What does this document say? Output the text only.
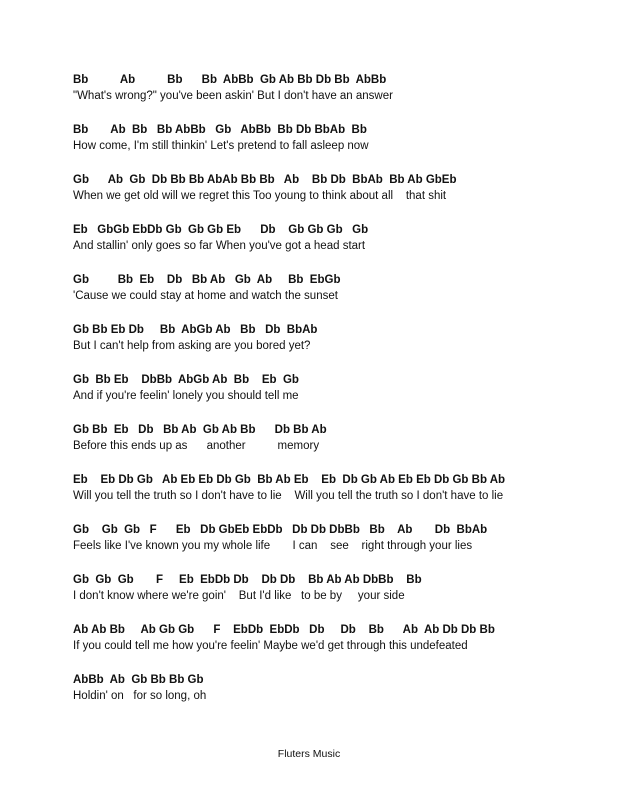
Bb          Ab          Bb      Bb  AbBb  Gb Ab Bb Db Bb  AbBb
"What's wrong?" you've been askin' But I don't have an answer
Bb       Ab  Bb   Bb AbBb   Gb   AbBb  Bb Db BbAb  Bb
How come, I'm still thinkin' Let's pretend to fall asleep now
Gb      Ab  Gb  Db Bb Bb AbAb Bb Bb   Ab    Bb Db  BbAb  Bb Ab GbEb
When we get old will we regret this Too young to think about all    that shit
Eb   GbGb EbDb Gb  Gb Gb Eb      Db    Gb Gb Gb   Gb
And stallin' only goes so far When you've got a head start
Gb         Bb  Eb    Db   Bb Ab   Gb  Ab     Bb  EbGb
'Cause we could stay at home and watch the sunset
Gb Bb Eb Db     Bb  AbGb Ab   Bb   Db  BbAb
But I can't help from asking are you bored yet?
Gb  Bb Eb    DbBb  AbGb Ab  Bb    Eb  Gb
And if you're feelin' lonely you should tell me
Gb Bb  Eb   Db   Bb Ab  Gb Ab Bb      Db Bb Ab
Before this ends up as      another          memory
Eb    Eb Db Gb   Ab Eb Eb Db Gb  Bb Ab Eb    Eb  Db Gb Ab Eb Eb Db Gb Bb Ab
Will you tell the truth so I don't have to lie    Will you tell the truth so I don't have to lie
Gb    Gb  Gb   F      Eb   Db GbEb EbDb   Db Db DbBb   Bb    Ab       Db  BbAb
Feels like I've known you my whole life       I can    see    right through your lies
Gb  Gb  Gb       F     Eb  EbDb Db    Db Db    Bb Ab Ab DbBb    Bb
I don't know where we're goin'    But I'd like   to be by     your side
Ab Ab Bb     Ab Gb Gb      F    EbDb  EbDb   Db     Db    Bb      Ab  Ab Db Db Bb
If you could tell me how you're feelin' Maybe we'd get through this undefeated
AbBb  Ab  Gb Bb Bb Gb
Holdin' on   for so long, oh
Fluters Music
